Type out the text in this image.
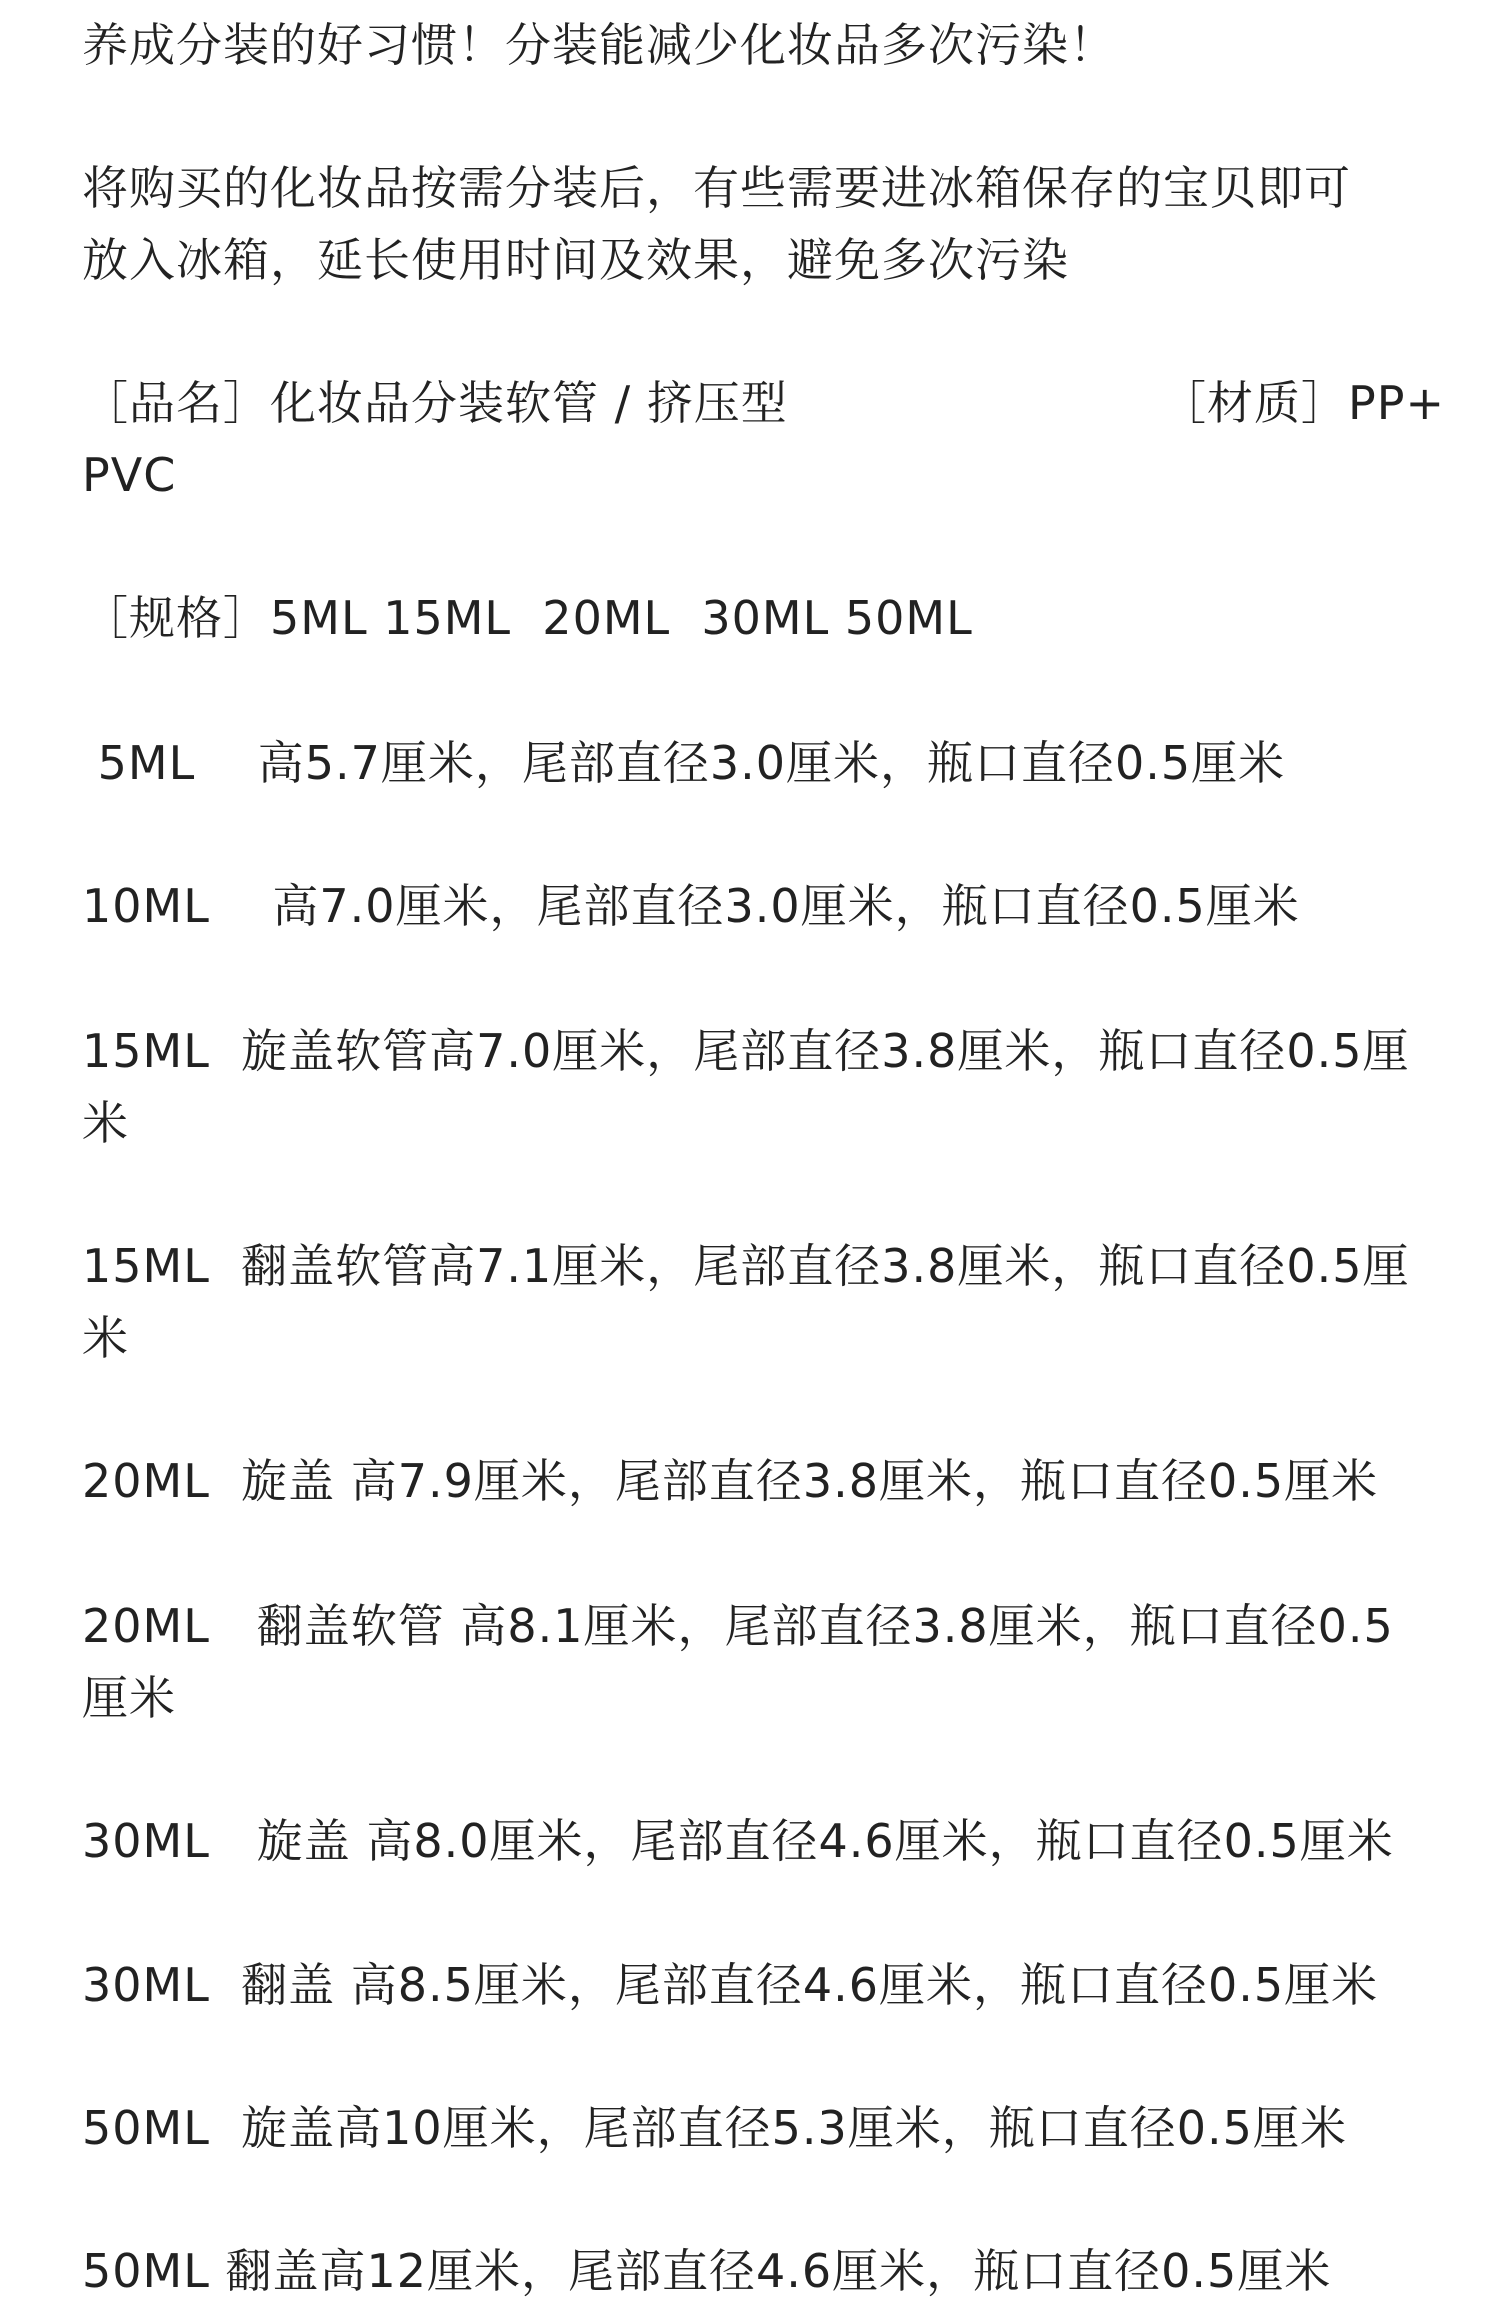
养成分装的好习惯！分装能减少化妆品多次污染！
将购买的化妆品按需分装后，有些需要进冰箱保存的宝贝即可
放入冰箱，延长使用时间及效果，避免多次污染
［品名］化妆品分装软管 / 挤压型	［材质］PP+
PVC
［规格］5ML 15ML  20ML  30ML 50ML
5ML    高5.7厘米，尾部直径3.0厘米，瓶口直径0.5厘米
10ML    高7.0厘米，尾部直径3.0厘米，瓶口直径0.5厘米
15ML  旋盖软管高7.0厘米，尾部直径3.8厘米，瓶口直径0.5厘
米
15ML  翻盖软管高7.1厘米，尾部直径3.8厘米，瓶口直径0.5厘
米
20ML  旋盖 高7.9厘米，尾部直径3.8厘米，瓶口直径0.5厘米
20ML   翻盖软管 高8.1厘米，尾部直径3.8厘米，瓶口直径0.5
厘米
30ML   旋盖 高8.0厘米，尾部直径4.6厘米，瓶口直径0.5厘米
30ML  翻盖 高8.5厘米，尾部直径4.6厘米，瓶口直径0.5厘米
50ML  旋盖高10厘米，尾部直径5.3厘米，瓶口直径0.5厘米
50ML 翻盖高12厘米，尾部直径4.6厘米，瓶口直径0.5厘米
